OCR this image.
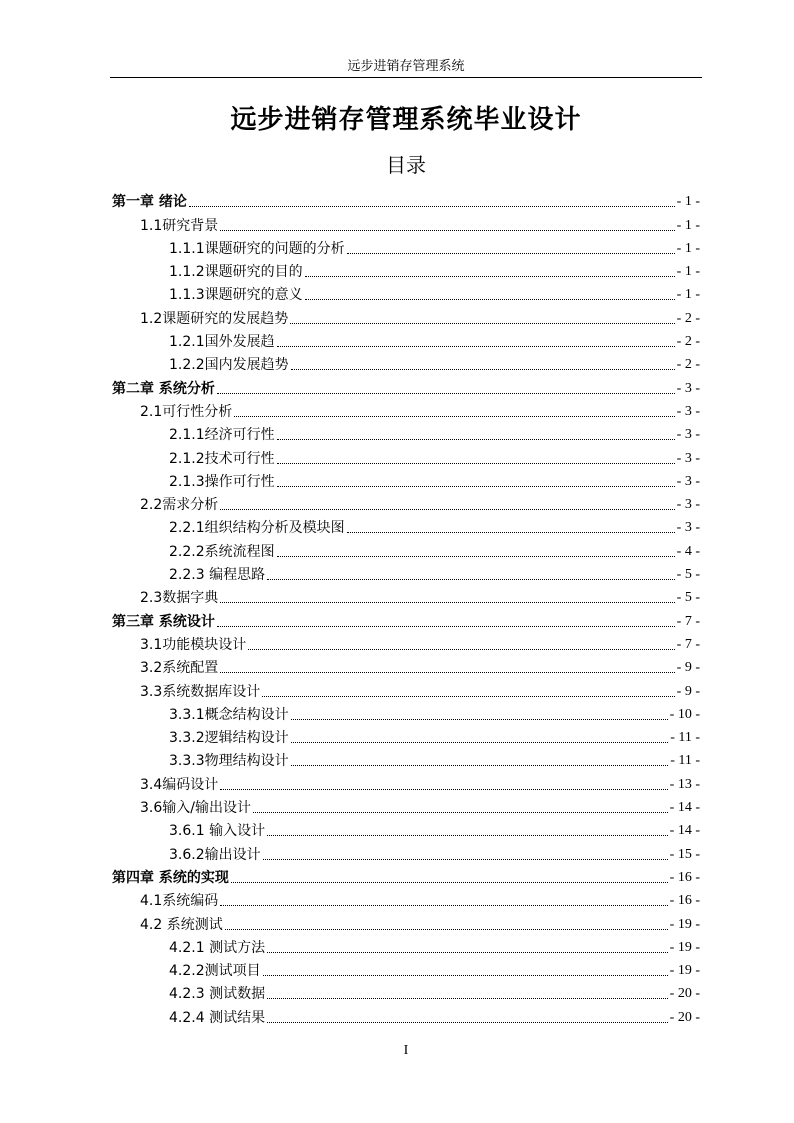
远步进销存管理系统
远步进销存管理系统毕业设计
目录
第一章 绪论	- 1 -
1.1研究背景	- 1 -
1.1.1课题研究的问题的分析	- 1 -
1.1.2课题研究的目的	- 1 -
1.1.3课题研究的意义	- 1 -
1.2课题研究的发展趋势	- 2 -
1.2.1国外发展趋	- 2 -
1.2.2国内发展趋势	- 2 -
第二章 系统分析	- 3 -
2.1可行性分析	- 3 -
2.1.1经济可行性	- 3 -
2.1.2技术可行性	- 3 -
2.1.3操作可行性	- 3 -
2.2需求分析	- 3 -
2.2.1组织结构分析及模块图	- 3 -
2.2.2系统流程图	- 4 -
2.2.3 编程思路	- 5 -
2.3数据字典	- 5 -
第三章 系统设计	- 7 -
3.1功能模块设计	- 7 -
3.2系统配置	- 9 -
3.3系统数据库设计	- 9 -
3.3.1概念结构设计	- 10 -
3.3.2逻辑结构设计	- 11 -
3.3.3物理结构设计	- 11 -
3.4编码设计	- 13 -
3.6输入/输出设计	- 14 -
3.6.1 输入设计	- 14 -
3.6.2输出设计	- 15 -
第四章 系统的实现	- 16 -
4.1系统编码	- 16 -
4.2 系统测试	- 19 -
4.2.1 测试方法	- 19 -
4.2.2测试项目	- 19 -
4.2.3 测试数据	- 20 -
4.2.4 测试结果	- 20 -
I
